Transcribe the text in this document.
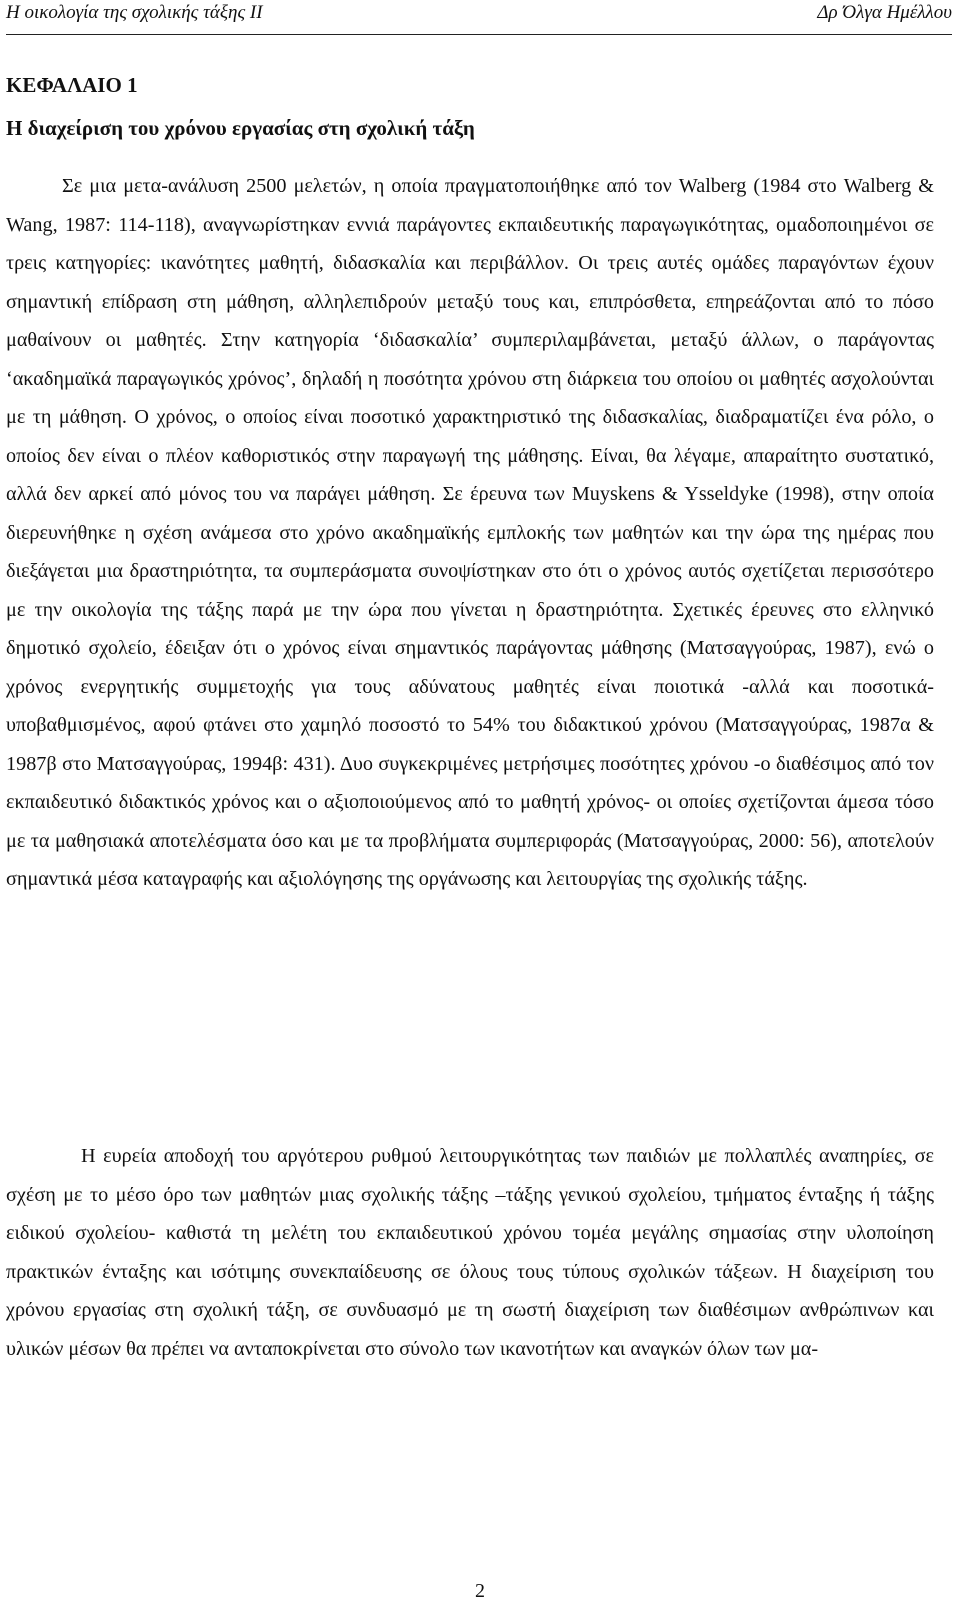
Η οικολογία της σχολικής τάξης ΙΙ	Δρ Όλγα Ημέλλου
ΚΕΦΑΛΑΙΟ 1
Η διαχείριση του χρόνου εργασίας στη σχολική τάξη

Σε μια μετα-ανάλυση 2500 μελετών, η οποία πραγματοποιήθηκε από τον Walberg (1984 στο Walberg & Wang, 1987: 114-118), αναγνωρίστηκαν εννιά παράγοντες εκπαιδευτικής παραγωγικότητας, ομαδοποιημένοι σε τρεις κατηγορίες: ικανότητες μαθητή, διδασκαλία και περιβάλλον. Οι τρεις αυτές ομάδες παραγόντων έχουν σημαντική επίδραση στη μάθηση, αλληλεπιδρούν μεταξύ τους και, επιπρόσθετα, επηρεάζονται από το πόσο μαθαίνουν οι μαθητές. Στην κατηγορία ‘διδασκαλία’ συμπεριλαμβάνεται, μεταξύ άλλων, ο παράγοντας ‘ακαδημαϊκά παραγωγικός χρόνος’, δηλαδή η ποσότητα χρόνου στη διάρκεια του οποίου οι μαθητές ασχολούνται με τη μάθηση. Ο χρόνος, ο οποίος είναι ποσοτικό χαρακτηριστικό της διδασκαλίας, διαδραματίζει ένα ρόλο, ο οποίος δεν είναι ο πλέον καθοριστικός στην παραγωγή της μάθησης. Είναι, θα λέγαμε, απαραίτητο συστατικό, αλλά δεν αρκεί από μόνος του να παράγει μάθηση. Σε έρευνα των Muyskens & Ysseldyke (1998), στην οποία διερευνήθηκε η σχέση ανάμεσα στο χρόνο ακαδημαϊκής εμπλοκής των μαθητών και την ώρα της ημέρας που διεξάγεται μια δραστηριότητα, τα συμπεράσματα συνοψίστηκαν στο ότι ο χρόνος αυτός σχετίζεται περισσότερο με την οικολογία της τάξης παρά με την ώρα που γίνεται η δραστηριότητα. Σχετικές έρευνες στο ελληνικό δημοτικό σχολείο, έδειξαν ότι ο χρόνος είναι σημαντικός παράγοντας μάθησης (Ματσαγγούρας, 1987), ενώ ο χρόνος ενεργητικής συμμετοχής για τους αδύνατους μαθητές είναι ποιοτικά -αλλά και ποσοτικά- υποβαθμισμένος, αφού φτάνει στο χαμηλό ποσοστό το 54% του διδακτικού χρόνου (Ματσαγγούρας, 1987α & 1987β στο Ματσαγγούρας, 1994β: 431). Δυο συγκεκριμένες μετρήσιμες ποσότητες χρόνου -ο διαθέσιμος από τον εκπαιδευτικό διδακτικός χρόνος και ο αξιοποιούμενος από το μαθητή χρόνος- οι οποίες σχετίζονται άμεσα τόσο με τα μαθησιακά αποτελέσματα όσο και με τα προβλήματα συμπεριφοράς (Ματσαγγούρας, 2000: 56), αποτελούν σημαντικά μέσα καταγραφής και αξιολόγησης της οργάνωσης και λειτουργίας της σχολικής τάξης.

Η ευρεία αποδοχή του αργότερου ρυθμού λειτουργικότητας των παιδιών με πολλαπλές αναπηρίες, σε σχέση με το μέσο όρο των μαθητών μιας σχολικής τάξης –τάξης γενικού σχολείου, τμήματος ένταξης ή τάξης ειδικού σχολείου- καθιστά τη μελέτη του εκπαιδευτικού χρόνου τομέα μεγάλης σημασίας στην υλοποίηση πρακτικών ένταξης και ισότιμης συνεκπαίδευσης σε όλους τους τύπους σχολικών τάξεων. Η διαχείριση του χρόνου εργασίας στη σχολική τάξη, σε συνδυασμό με τη σωστή διαχείριση των διαθέσιμων ανθρώπινων και υλικών μέσων θα πρέπει να ανταποκρίνεται στο σύνολο των ικανοτήτων και αναγκών όλων των μα-

2
